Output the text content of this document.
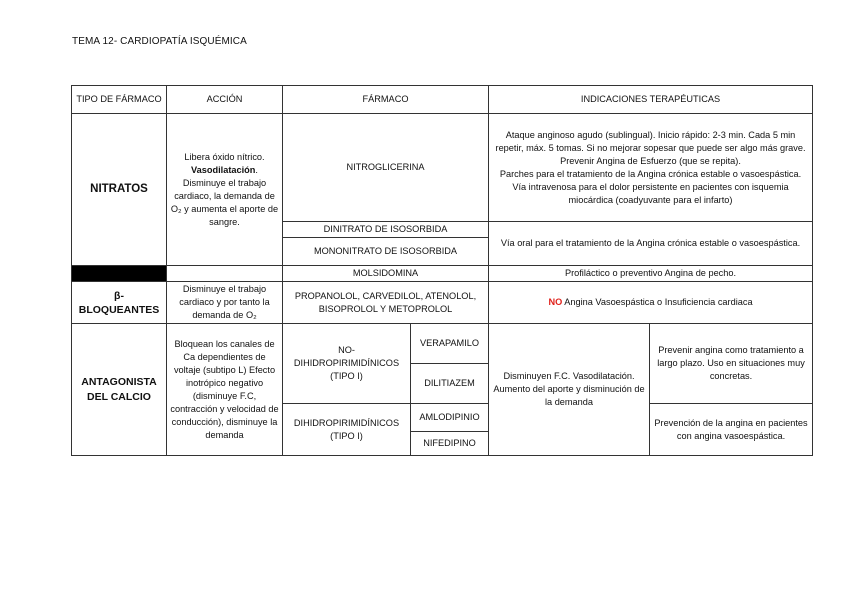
TEMA 12- CARDIOPATÍA ISQUÉMICA
TIPO DE FÁRMACO	ACCIÓN	FÁRMACO		INDICACIONES TERAPÉUTICAS	
NITRATOS	Libera óxido nítrico. Vasodilatación. Disminuye el trabajo cardiaco, la demanda de O₂ y aumenta el aporte de sangre.	NITROGLICERINA		Ataque anginoso agudo (sublingual). Inicio rápido: 2-3 min. Cada 5 min repetir, máx. 5 tomas. Si no mejorar sopesar que puede ser algo más grave.
Prevenir Angina de Esfuerzo (que se repita).
Parches para el tratamiento de la Angina crónica estable o vasoespástica.
Vía intravenosa para el dolor persistente en pacientes con isquemia miocárdica (coadyuvante para el infarto)	

		DINITRATO DE ISOSORBIDA		Vía oral para el tratamiento de la Angina crónica estable o vasoespástica.	
		MONONITRATO DE ISOSORBIDA			
		MOLSIDOMINA		Profiláctico o preventivo Angina de pecho.	
β-BLOQUEANTES	Disminuye el trabajo cardiaco y por tanto la demanda de O₂	PROPANOLOL, CARVEDILOL, ATENOLOL, BISOPROLOL Y METOPROLOL		NO Angina Vasoespástica o Insuficiencia cardiaca	
ANTAGONISTA DEL CALCIO	Bloquean los canales de Ca dependientes de voltaje (subtipo L) Efecto inotrópico negativo (disminuye F.C, contracción y velocidad de conducción), disminuye la demanda	NO-DIHIDROPIRIMIDÍNICOS (TIPO I)	VERAPAMILO	Disminuyen F.C. Vasodilatación. Aumento del aporte y disminución de la demanda	Prevenir angina como tratamiento a largo plazo. Uso en situaciones muy concretas.
			DILITIAZEM		
		DIHIDROPIRIMIDÍNICOS (TIPO I)	AMLODIPINIO		Prevención de la angina en pacientes con angina vasoespástica.
			NIFEDIPINO		
